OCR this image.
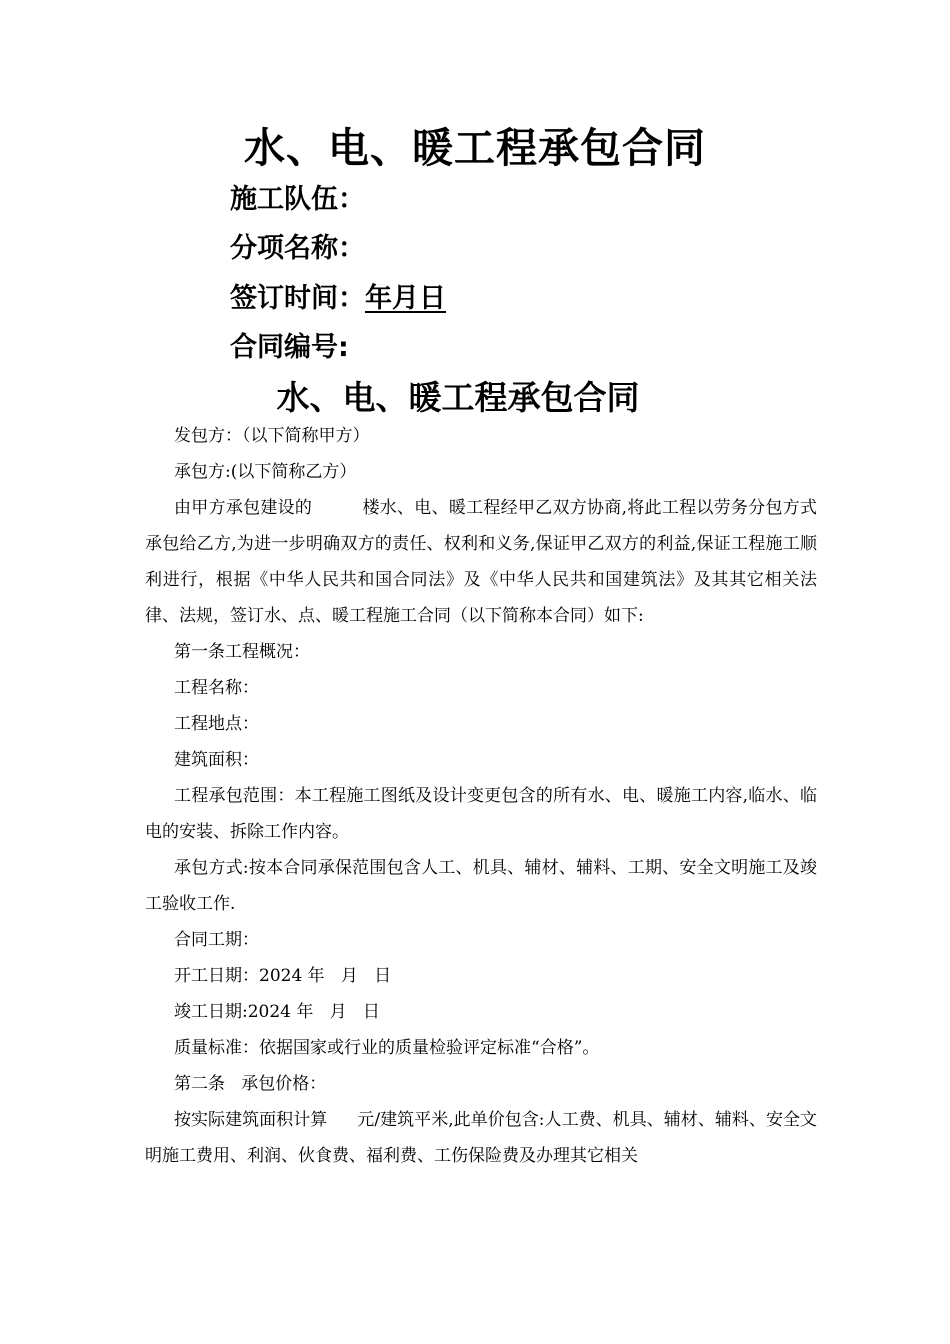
水、电、暖工程承包合同
施工队伍：
分项名称：
签订时间：年月日
合同编号:
水、电、暖工程承包合同

发包方：（以下简称甲方）

承包方:(以下简称乙方）

由甲方承包建设的	楼水、电、暖工程经甲乙双方协商,将此工程以劳务分包方式承包给乙方,为进一步明确双方的责任、权利和义务,保证甲乙双方的利益,保证工程施工顺利进行，根据《中华人民共和国合同法》及《中华人民共和国建筑法》及其其它相关法律、法规，签订水、点、暖工程施工合同（以下简称本合同）如下:

第一条工程概况：

工程名称：

工程地点：

建筑面积：

工程承包范围：本工程施工图纸及设计变更包含的所有水、电、暖施工内容,临水、临电的安装、拆除工作内容。

承包方式:按本合同承保范围包含人工、机具、辅材、辅料、工期、安全文明施工及竣工验收工作.

合同工期：

开工日期：2024 年   月   日

竣工日期:2024 年   月   日

质量标准：依据国家或行业的质量检验评定标准“合格”。

第二条   承包价格：

按实际建筑面积计算 元/建筑平米,此单价包含:人工费、机具、辅材、辅料、安全文明施工费用、利润、伙食费、福利费、工伤保险费及办理其它相关
